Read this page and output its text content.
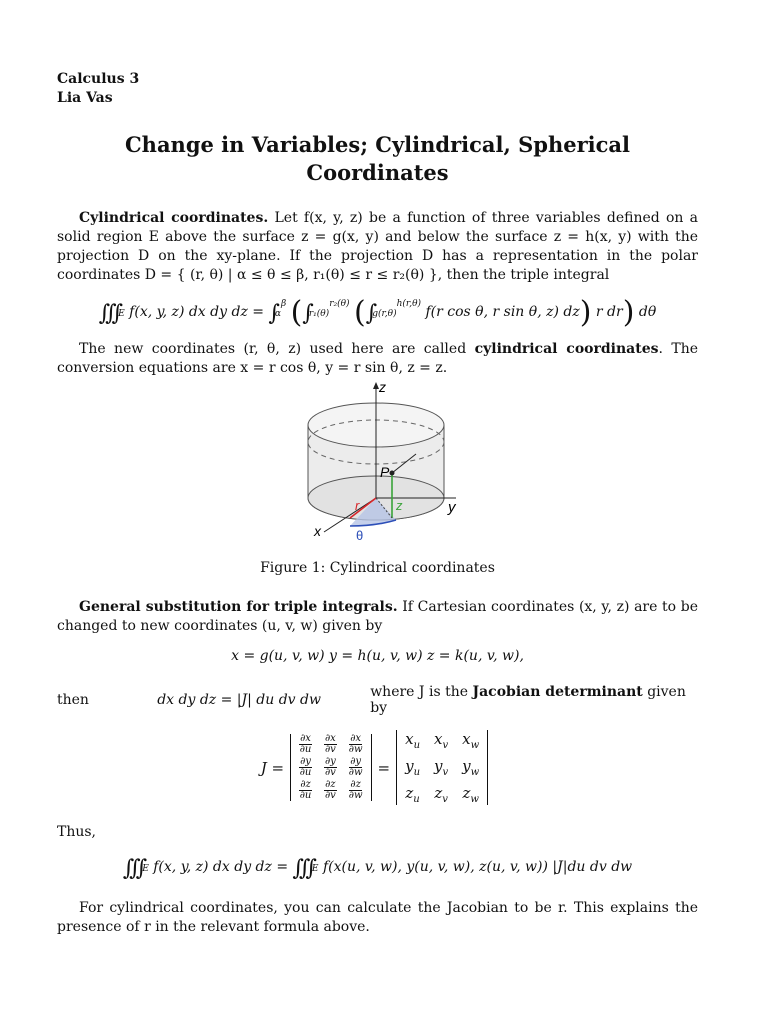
Calculus 3
Lia Vas
Change in Variables; Cylindrical, Spherical Coordinates

Cylindrical coordinates. Let f(x, y, z) be a function of three variables defined on a solid region E above the surface z = g(x, y) and below the surface z = h(x, y) with the projection D on the xy-plane. If the projection D has a representation in the polar coordinates D = { (r, θ) | α ≤ θ ≤ β, r₁(θ) ≤ r ≤ r₂(θ) }, then the triple integral

∫∫∫E f(x, y, z) dx dy dz = $\int\alpha^\beta$ ($\int r_1(\theta)^{r_2(\theta)}$ ($\int g(r,\theta)^{h(r,\theta)}$ f(r cos θ, r sin θ, z) dz) r dr) dθ

The new coordinates (r, θ, z) used here are called cylindrical coordinates. The conversion equations are x = r cos θ, y = r sin θ, z = z.

z
y
x
P
r	z
θ
Figure 1: Cylindrical coordinates

General substitution for triple integrals. If Cartesian coordinates (x, y, z) are to be changed to new coordinates (u, v, w) given by

x = g(u, v, w) y = h(u, v, w) z = k(u, v, w),
then	dx dy dz = |J| du dv dw	where J is the Jacobian determinant given by
J =
$\frac{\partial x}{\partial u} \frac{\partial x}{\partial v} \frac{\partial x}{\partial w}$
$\frac{\partial y}{\partial u} \frac{\partial y}{\partial v} \frac{\partial y}{\partial w}$
$\frac{\partial z}{\partial u} \frac{\partial z}{\partial v} \frac{\partial z}{\partial w}$
=
$x_u$ $x_v$ $x_w$
$y_u$ $y_v$ $y_w$
$z_u$ $z_v$ $z_w$

Thus,

∫∫∫E f(x, y, z) dx dy dz = ∫∫∫E f(x(u, v, w), y(u, v, w), z(u, v, w)) |J|du dv dw

For cylindrical coordinates, you can calculate the Jacobian to be r. This explains the presence of r in the relevant formula above.
